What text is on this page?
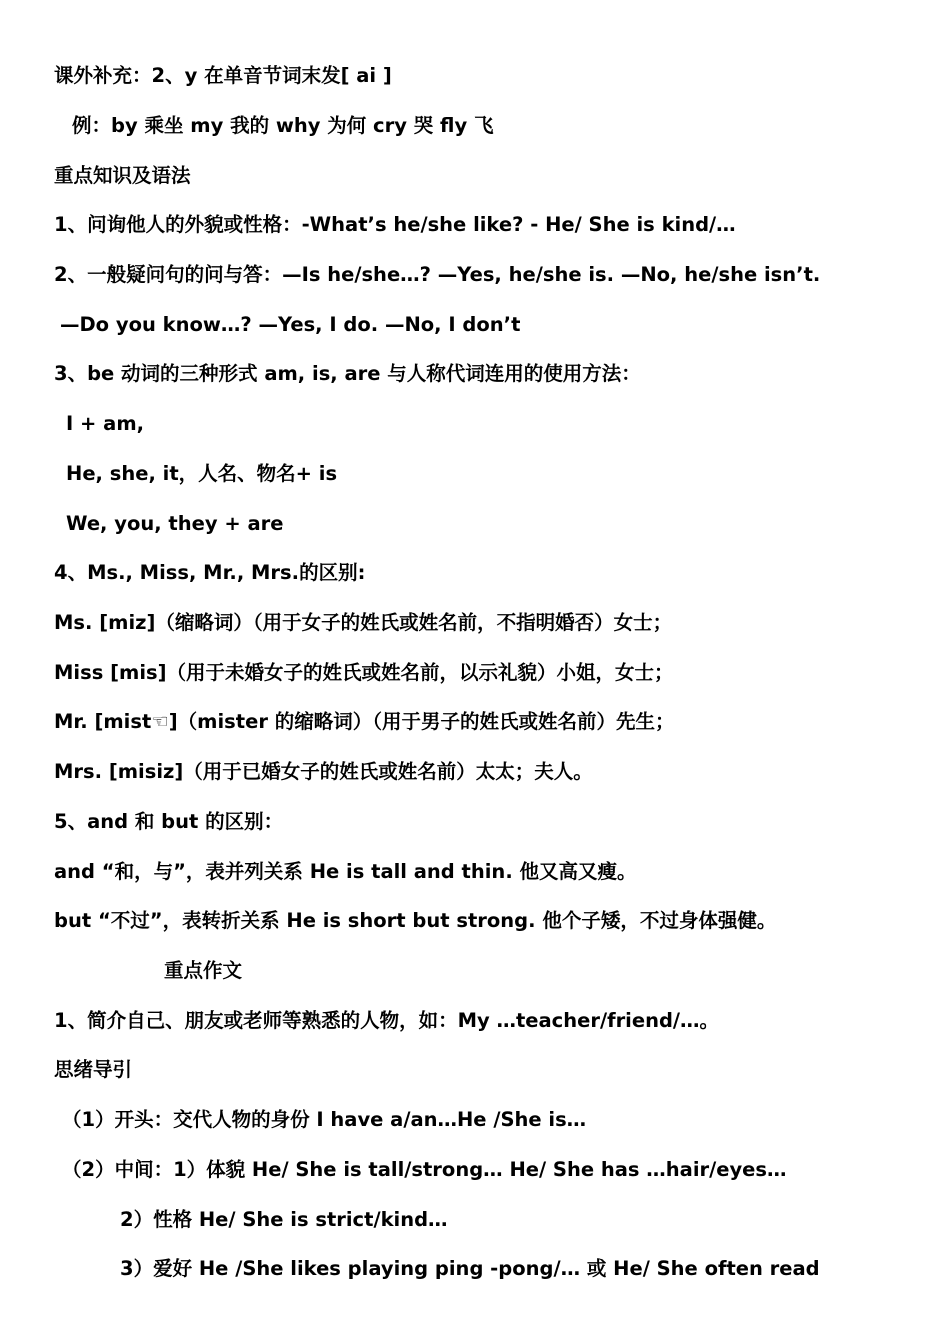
课外补充：2、y 在单音节词末发[ ai ]
例：by 乘坐 my 我的 why 为何 cry 哭 fly 飞
重点知识及语法
1、问询他人的外貌或性格：-What’s he/she like? - He/ She is kind/…
2、一般疑问句的问与答：—Is he/she…? —Yes, he/she is. —No, he/she isn’t.
—Do you know…? —Yes, I do. —No, I don’t
3、be 动词的三种形式 am, is, are 与人称代词连用的使用方法：
I + am,
He, she, it，人名、物名+ is
We, you, they + are
4、Ms., Miss, Mr., Mrs.的区别:
Ms. [miz]（缩略词）（用于女子的姓氏或姓名前，不指明婚否）女士；
Miss [mis]（用于未婚女子的姓氏或姓名前，以示礼貌）小姐，女士；
Mr. [mist☜]（mister 的缩略词）（用于男子的姓氏或姓名前）先生；
Mrs. [misiz]（用于已婚女子的姓氏或姓名前）太太；夫人。
5、and 和 but 的区别：
and “和，与”，表并列关系 He is tall and thin. 他又高又瘦。
but “不过”，表转折关系 He is short but strong. 他个子矮，不过身体强健。
重点作文
1、简介自己、朋友或老师等熟悉的人物，如：My …teacher/friend/…。
思绪导引
（1）开头：交代人物的身份 I have a/an…He /She is…
（2）中间：1）体貌 He/ She is tall/strong… He/ She has …hair/eyes…
2）性格 He/ She is strict/kind…
3）爱好 He /She likes playing ping -pong/… 或 He/ She often read
